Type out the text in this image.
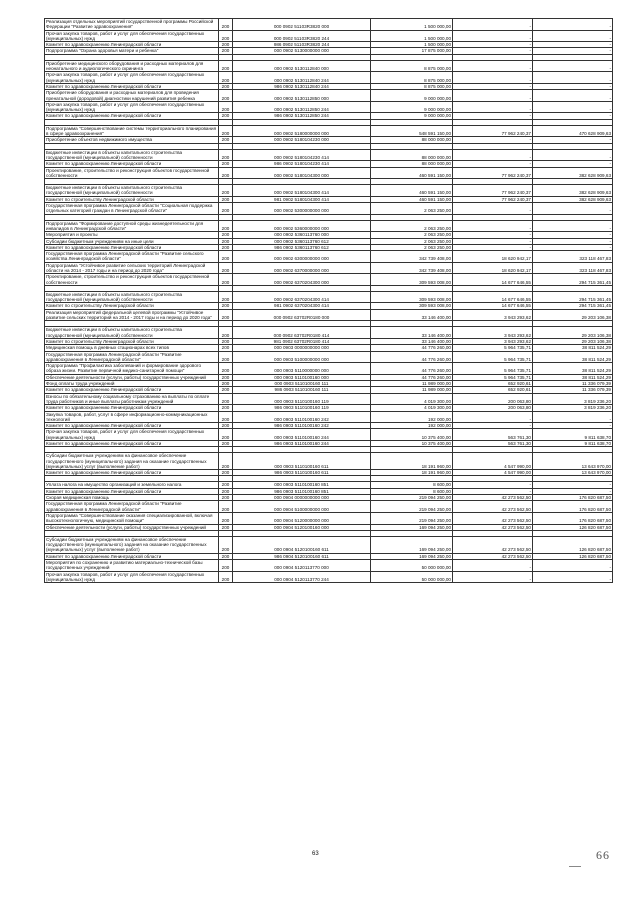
Реализация отдельных мероприятий государственной программы Российской Федерации "Развитие здравоохранения"	200	000 0902 51103R3820 000	1 500 000,00	-	-
Прочая закупка товаров, работ и услуг для обеспечения государственных (муниципальных) нужд	200	000 0902 51103R3820 244	1 500 000,00	-	-
Комитет по здравоохранению Ленинградской области	200	986 0902 51103R3820 244	1 500 000,00	-	-
Подпрограмма "Охрана здоровья матери и ребенка"	200	000 0902 5130000000 000	17 875 000,00	-	-

Приобретение медицинского оборудования и расходных материалов для неонатального и аудиологического скрининга	200	000 0902 5130112840 000	8 875 000,00	-	-
Прочая закупка товаров, работ и услуг для обеспечения государственных (муниципальных) нужд	200	000 0902 5130112840 244	8 875 000,00	-	-
Комитет по здравоохранению Ленинградской области	200	986 0902 5130112840 244	8 875 000,00	-	-
Приобретение оборудования и расходных материалов для проведения пренатальной (дородовой) диагностики нарушений развития ребенка	200	000 0902 5130112850 000	9 000 000,00	-	-
Прочая закупка товаров, работ и услуг для обеспечения государственных (муниципальных) нужд	200	000 0902 5130112850 244	9 000 000,00	-	-
Комитет по здравоохранению Ленинградской области	200	986 0902 5130112850 244	9 000 000,00	-	-

Подпрограмма "Совершенствование системы территориального планирования в сфере здравоохранения"	200	000 0902 5180000000 000	548 591 150,00	77 962 240,37	470 628 909,63
Приобретение объектов недвижимого имущества	200	000 0902 5180104230 000	88 000 000,00	-	-

Бюджетные инвестиции в объекты капитального строительства государственной (муниципальной) собственности	200	000 0902 5180104230 414	88 000 000,00	-	-
Комитет по здравоохранению Ленинградской области	200	986 0902 5180104230 414	88 000 000,00	-	-
Проектирование, строительство и реконструкция объектов государственной собственности	200	000 0902 5180104300 000	460 591 150,00	77 962 240,37	382 628 909,63

Бюджетные инвестиции в объекты капитального строительства государственной (муниципальной) собственности	200	000 0902 5180104300 414	460 591 150,00	77 962 240,37	382 628 909,63
Комитет по строительству Ленинградской области	200	981 0902 5180104300 414	460 591 150,00	77 962 240,37	382 628 909,63
Государственная программа Ленинградской области "Социальная поддержка отдельных категорий граждан в Ленинградской области"	200	000 0902 5300000000 000	2 063 250,00	-	-

Подпрограмма "Формирование доступной среды жизнедеятельности для инвалидов в Ленинградской области"	200	000 0902 5360000000 000	2 063 250,00	-	-
Мероприятия и проекты	200	000 0902 5360113760 000	2 063 250,00	-	-
Субсидии бюджетным учреждениям на иные цели	200	000 0902 5360113760 612	2 063 250,00	-	-
Комитет по здравоохранению Ленинградской области	200	986 0902 5360113760 612	2 063 250,00	-	-
Государственная программа Ленинградской области "Развитие сельского хозяйства Ленинградской области"	200	000 0902 6300000000 000	342 739 408,00	18 620 942,17	323 118 467,83
Подпрограмма "Устойчивое развитие сельских территорий Ленинградской области на 2014 - 2017 годы и на период до 2020 года"	200	000 0902 6370000000 000	342 739 408,00	18 620 942,17	323 118 467,83
Проектирование, строительство и реконструкция объектов государственной собственности	200	000 0902 6370204300 000	309 593 008,00	14 677 646,55	294 715 361,45

Бюджетные инвестиции в объекты капитального строительства государственной (муниципальной) собственности	200	000 0902 6370204300 414	309 593 008,00	14 677 646,55	294 715 361,45
Комитет по строительству Ленинградской области	200	981 0902 6370204300 414	309 593 008,00	14 677 646,55	294 715 361,45
Реализация мероприятий федеральной целевой программы "Устойчивое развитие сельских территорий на 2014 - 2017 годы и на период до 2020 года"	200	000 0902 63702R0180 000	33 146 400,00	3 943 293,62	29 203 106,38

Бюджетные инвестиции в объекты капитального строительства государственной (муниципальной) собственности	200	000 0902 63702R0180 414	33 146 400,00	3 943 293,62	29 203 106,38
Комитет по строительству Ленинградской области	200	981 0902 63702R0180 414	33 146 400,00	3 943 293,62	29 203 106,38
Медицинская помощь в дневных стационарах всех типов	200	000 0903 0000000000 000	44 776 260,00	5 964 735,71	38 811 524,29
Государственная программа Ленинградской области "Развитие здравоохранения в Ленинградской области"	200	000 0903 5100000000 000	44 776 260,00	5 964 735,71	38 811 524,29
Подпрограмма "Профилактика заболеваний и формирование здорового образа жизни. Развитие первичной медико-санитарной помощи"	200	000 0903 5110000000 000	44 776 260,00	5 964 735,71	38 811 524,29
Обеспечение деятельности (услуги, работы) государственных учреждений	200	000 0903 5110100160 000	44 776 260,00	5 964 735,71	38 811 524,29
Фонд оплаты труда учреждений	200	000 0903 5110100160 111	11 989 000,00	652 920,61	11 336 079,39
Комитет по здравоохранению Ленинградской области	200	986 0903 5110100160 111	11 989 000,00	652 920,61	11 336 079,39
Взносы по обязательному социальному страхованию на выплаты по оплате труда работников и иные выплаты работникам учреждений	200	000 0903 5110100160 119	4 019 300,00	200 063,80	3 819 236,20
Комитет по здравоохранению Ленинградской области	200	986 0903 5110100160 119	4 019 300,00	200 063,80	3 819 236,20
Закупка товаров, работ, услуг в сфере информационно-коммуникационных технологий	200	000 0903 5110100160 242	192 000,00	-	-
Комитет по здравоохранению Ленинградской области	200	986 0903 5110100160 242	192 000,00	-	-
Прочая закупка товаров, работ и услуг для обеспечения государственных (муниципальных) нужд	200	000 0903 5110100160 244	10 375 400,00	563 761,30	9 811 638,70
Комитет по здравоохранению Ленинградской области	200	986 0903 5110100160 244	10 375 400,00	563 761,30	9 811 638,70

Субсидии бюджетным учреждениям на финансовое обеспечение государственного (муниципального) задания на оказание государственных (муниципальных) услуг (выполнение работ)	200	000 0903 5110100160 611	18 191 960,00	4 547 990,00	13 643 970,00
Комитет по здравоохранению Ленинградской области	200	986 0903 5110100160 611	18 191 960,00	4 547 990,00	13 643 970,00

Уплата налога на имущество организаций и земельного налога	200	000 0903 5110100160 851	8 600,00	-	-
Комитет по здравоохранению Ленинградской области	200	986 0903 5110100160 851	8 600,00	-	-
Скорая медицинская помощь	200	000 0904 0000000000 000	219 094 250,00	42 273 562,50	176 820 687,50
Государственная программа Ленинградской области "Развитие здравоохранения в Ленинградской области"	200	000 0904 5100000000 000	219 094 250,00	42 273 562,50	176 820 687,50
Подпрограмма "Совершенствование оказания специализированной, включая высокотехнологичную, медицинской помощи"	200	000 0904 5120000000 000	219 094 250,00	42 273 562,50	176 820 687,50
Обеспечение деятельности (услуги, работы) государственных учреждений	200	000 0904 5120100160 000	169 094 250,00	42 273 562,50	126 820 687,50

Субсидии бюджетным учреждениям на финансовое обеспечение государственного (муниципального) задания на оказание государственных (муниципальных) услуг (выполнение работ)	200	000 0904 5120100160 611	169 094 250,00	42 273 562,50	126 820 687,50
Комитет по здравоохранению Ленинградской области	200	986 0904 5120100160 611	169 094 250,00	42 273 562,50	126 820 687,50
Мероприятия по сохранению и развитию материально-технической базы государственных учреждений	200	000 0904 5120113770 000	50 000 000,00	-	-
Прочая закупка товаров, работ и услуг для обеспечения государственных (муниципальных) нужд	200	000 0904 5120113770 244	50 000 000,00	-	-
63	66
